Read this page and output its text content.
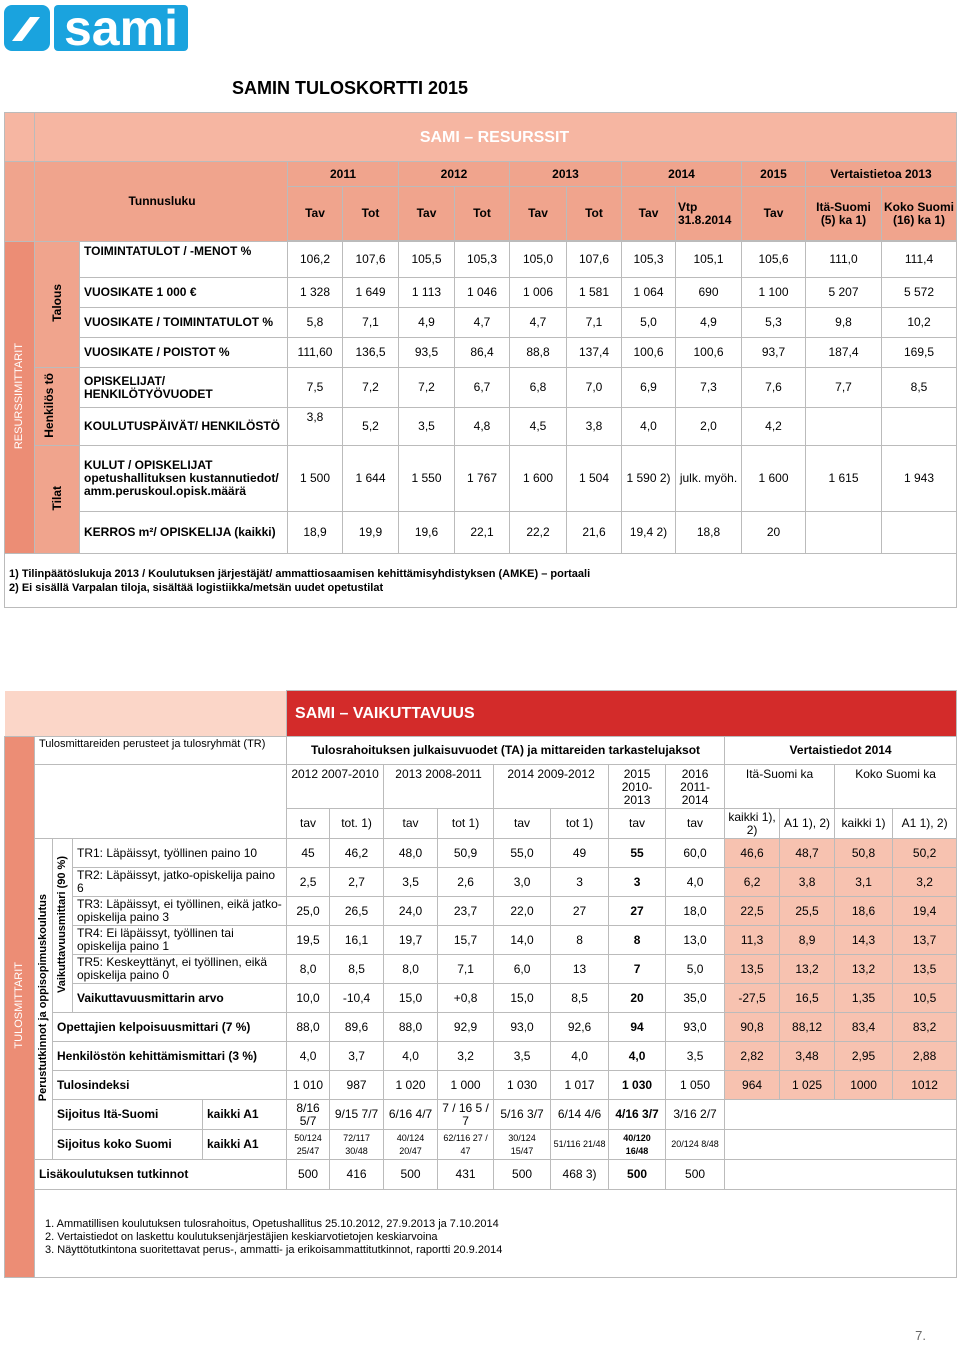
sami
SAMIN TULOSKORTTI 2015
	SAMI – RESURSSIT												
	Tunnusluku		2011		2012		2013		2014		2015	Vertaistietoa 2013	
			Tav	Tot	Tav	Tot	Tav	Tot	Tav	Vtp 31.8.2014	Tav	Itä-Suomi (5) ka 1)	Koko Suomi (16) ka 1)

RESURSSIMITTARIT	Talous	TOIMINTATULOT / -MENOT %	106,2	107,6	105,5	105,3	105,0	107,6	105,3	105,1	105,6	111,0	111,4
		VUOSIKATE 1 000 €	1 328	1 649	1 113	1 046	1 006	1 581	1 064	690	1 100	5 207	5 572
		VUOSIKATE / TOIMINTATULOT %	5,8	7,1	4,9	4,7	4,7	7,1	5,0	4,9	5,3	9,8	10,2
		VUOSIKATE / POISTOT %	111,60	136,5	93,5	86,4	88,8	137,4	100,6	100,6	93,7	187,4	169,5
	Henkilös tö	OPISKELIJAT/ HENKILÖTYÖVUODET	7,5	7,2	7,2	6,7	6,8	7,0	6,9	7,3	7,6	7,7	8,5
		KOULUTUSPÄIVÄT/ HENKILÖSTÖ	3,8	5,2	3,5	4,8	4,5	3,8	4,0	2,0	4,2		
	Tilat	KULUT / OPISKELIJAT opetushallituksen kustannutiedot/ amm.peruskoul.opisk.määrä	1 500	1 644	1 550	1 767	1 600	1 504	1 590 2)	julk. myöh.	1 600	1 615	1 943
		KERROS m²/ OPISKELIJA (kaikki)	18,9	19,9	19,6	22,1	22,2	21,6	19,4 2)	18,8	20		

1) Tilinpäätöslukuja 2013 / Koulutuksen järjestäjät/ ammattiosaamisen kehittämisyhdistyksen (AMKE) – portaali
2) Ei sisällä Varpalan tiloja, sisältää logistiikka/metsän uudet opetustilat													
					SAMI – VAIKUTTAVUUS											
TULOSMITTARIT	Tulosmittareiden perusteet ja tulosryhmät (TR)				Tulosrahoituksen julkaisuvuodet (TA) ja mittareiden tarkastelujaksot								Vertaistiedot 2014			
					2012 2007-2010		2013 2008-2011		2014 2009-2012		2015 2010-2013	2016 2011-2014	Itä-Suomi ka		Koko Suomi ka	
					tav	tot. 1)	tav	tot 1)	tav	tot 1)	tav	tav	kaikki 1), 2)	A1 1), 2)	kaikki 1)	A1 1), 2)
	Perustutkinnot ja oppisopimuskoulutus	Vaikuttavuusmittari (90 %)	TR1: Läpäissyt, työllinen paino 10		45	46,2	48,0	50,9	55,0	49	55	60,0	46,6	48,7	50,8	50,2
			TR2: Läpäissyt, jatko-opiskelija paino 6		2,5	2,7	3,5	2,6	3,0	3	3	4,0	6,2	3,8	3,1	3,2
			TR3: Läpäissyt, ei työllinen, eikä jatko-opiskelija paino 3		25,0	26,5	24,0	23,7	22,0	27	27	18,0	22,5	25,5	18,6	19,4
			TR4: Ei läpäissyt, työllinen tai opiskelija paino 1		19,5	16,1	19,7	15,7	14,0	8	8	13,0	11,3	8,9	14,3	13,7
			TR5: Keskeyttänyt, ei työllinen, eikä opiskelija paino 0		8,0	8,5	8,0	7,1	6,0	13	7	5,0	13,5	13,2	13,2	13,5
			Vaikuttavuusmittarin arvo		10,0	-10,4	15,0	+0,8	15,0	8,5	20	35,0	-27,5	16,5	1,35	10,5
		Opettajien kelpoisuusmittari (7 %)			88,0	89,6	88,0	92,9	93,0	92,6	94	93,0	90,8	88,12	83,4	83,2
		Henkilöstön kehittämismittari (3 %)			4,0	3,7	4,0	3,2	3,5	4,0	4,0	3,5	2,82	3,48	2,95	2,88
		Tulosindeksi			1 010	987	1 020	1 000	1 030	1 017	1 030	1 050	964	1 025	1000	1012
		Sijoitus Itä-Suomi		kaikki A1	8/16 5/7	9/15 7/7	6/16 4/7	7 / 16 5 / 7	5/16 3/7	6/14 4/6	4/16 3/7	3/16 2/7				
		Sijoitus koko Suomi		kaikki A1	50/124 25/47	72/117 30/48	40/124 20/47	62/116 27 / 47	30/124 15/47	51/116 21/48	40/120 16/48	20/124 8/48				
	Lisäkoulutuksen tutkinnot				500	416	500	431	500	468 3)	500	500				

	1. Ammatillisen koulutuksen tulosrahoitus, Opetushallitus 25.10.2012, 27.9.2013 ja 7.10.2014
2. Vertaistiedot on laskettu koulutuksenjärjestäjien keskiarvotietojen keskiarvoina
3. Näyttötutkintona suoritettavat perus-, ammatti- ja erikoisammattitutkinnot, raportti 20.9.2014															
7.
